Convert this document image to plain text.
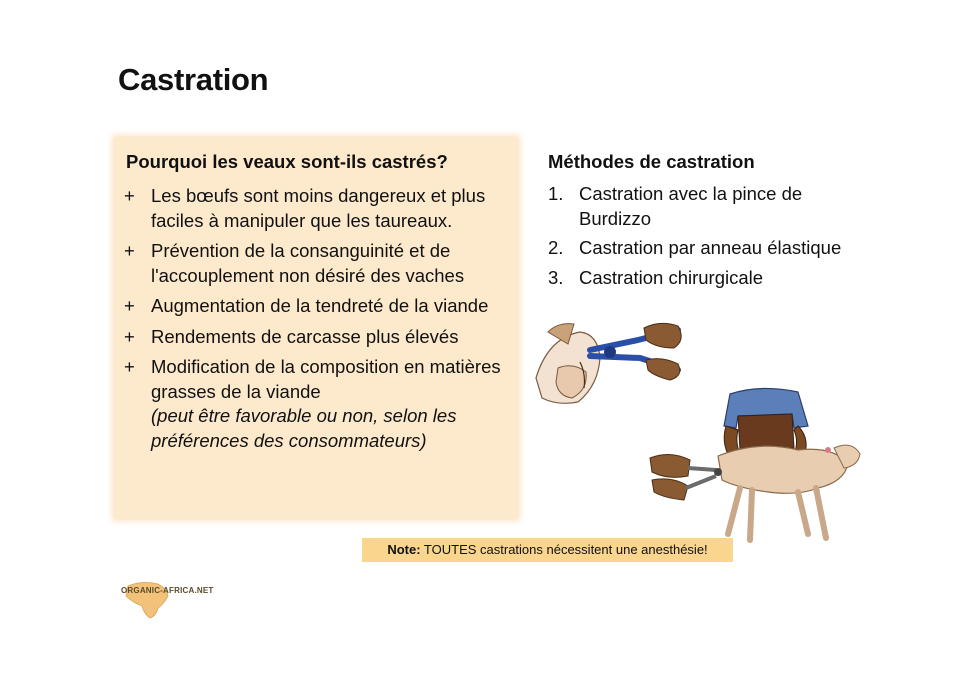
Castration
Pourquoi les veaux sont-ils castrés?
+ Les bœufs sont moins dangereux et plus faciles à manipuler que les taureaux.
+ Prévention de la consanguinité et de l'accouplement non désiré des vaches
+ Augmentation de la tendreté de la viande
+ Rendements de carcasse plus élevés
+ Modification de la composition en matières grasses de la viande
(peut être favorable ou non, selon les préférences des consommateurs)
Méthodes de castration
1. Castration avec la pince de Burdizzo
2. Castration par anneau élastique
3. Castration chirurgicale
Note: TOUTES castrations nécessitent une anesthésie!
ORGANIC-AFRICA.NET
